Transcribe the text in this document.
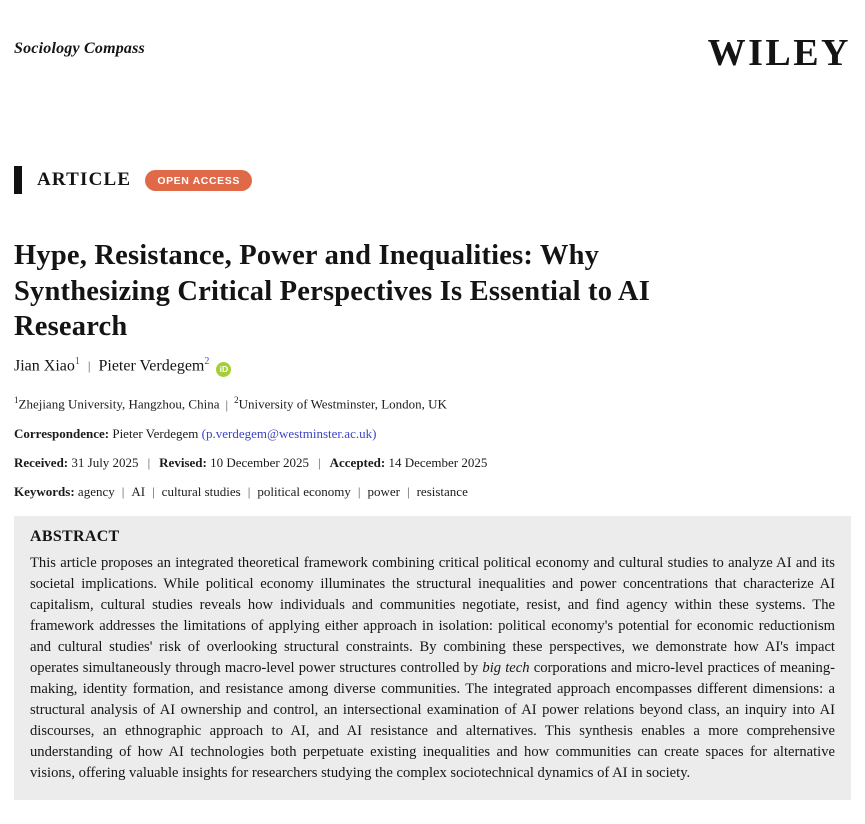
Sociology Compass	WILEY
ARTICLE	OPEN ACCESS
Hype, Resistance, Power and Inequalities: Why
Synthesizing Critical Perspectives Is Essential to AI
Research
Jian Xiao$^1$ | Pieter Verdegem$^2$iD
$^1$Zhejiang University, Hangzhou, China | $^2$University of Westminster, London, UK
Correspondence: Pieter Verdegem (p.verdegem@westminster.ac.uk)
Received: 31 July 2025 | Revised: 10 December 2025 | Accepted: 14 December 2025
Keywords: agency | AI | cultural studies | political economy | power | resistance
ABSTRACT

This article proposes an integrated theoretical framework combining critical political economy and cultural studies to analyze AI and its societal implications. While political economy illuminates the structural inequalities and power concentrations that characterize AI capitalism, cultural studies reveals how individuals and communities negotiate, resist, and find agency within these systems. The framework addresses the limitations of applying either approach in isolation: political economy's potential for economic reductionism and cultural studies' risk of overlooking structural constraints. By combining these perspectives, we demonstrate how AI's impact operates simultaneously through macro-level power structures controlled by big tech corporations and micro-level practices of meaning-making, identity formation, and resistance among diverse communities. The integrated approach encompasses different dimensions: a structural analysis of AI ownership and control, an intersectional examination of AI power relations beyond class, an inquiry into AI discourses, an ethnographic approach to AI, and AI resistance and alternatives. This synthesis enables a more comprehensive understanding of how AI technologies both perpetuate existing inequalities and how communities can create spaces for alternative visions, offering valuable insights for researchers studying the complex sociotechnical dynamics of AI in society.
